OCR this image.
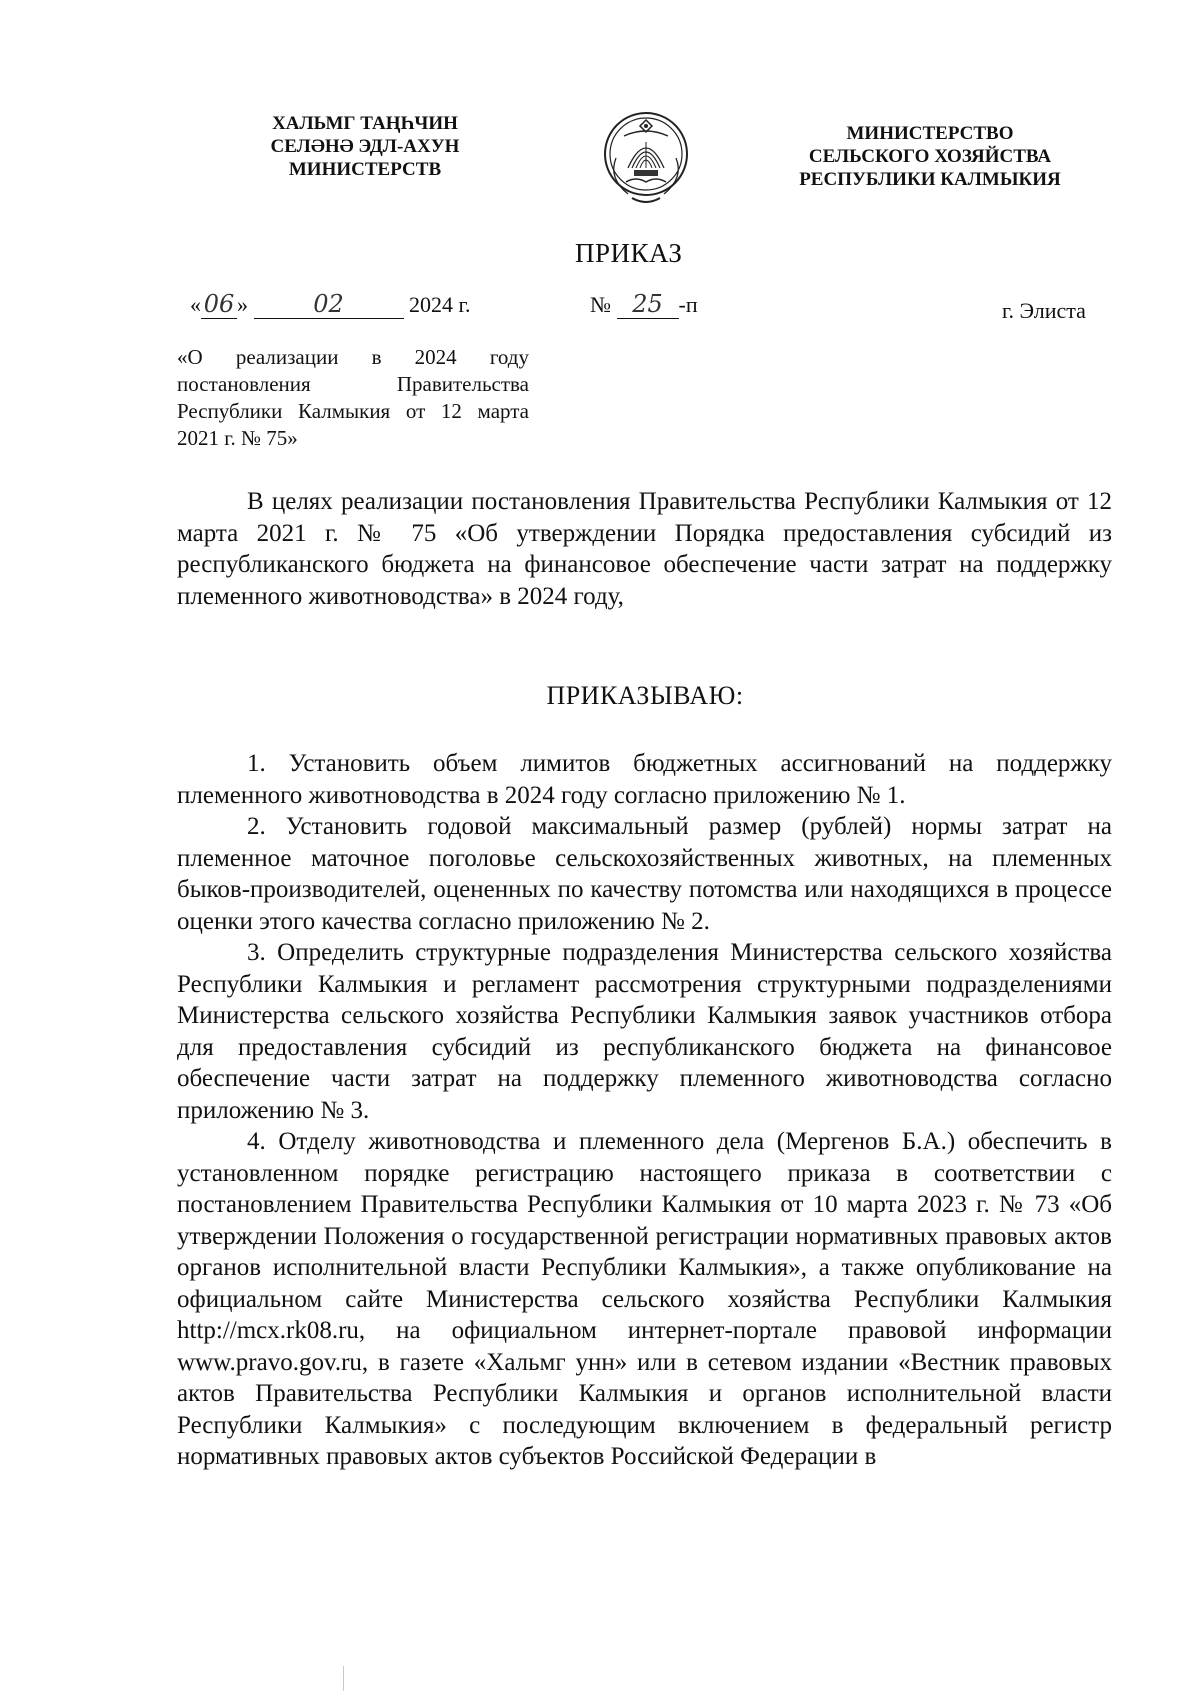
ХАЛЬМГ ТАҢҺЧИН
СЕЛӘНӘ ЭДЛ-АХУН
МИНИСТЕРСТВ
МИНИСТЕРСТВО
СЕЛЬСКОГО ХОЗЯЙСТВА
РЕСПУБЛИКИ КАЛМЫКИЯ
ПРИКАЗ
« 06 »	02	2024 г.	№ 25 -п	г. Элиста
«О реализации в 2024 году постановления Правительства Республики Калмыкия от 12 марта 2021 г. № 75»

В целях реализации постановления Правительства Республики Калмыкия от 12 марта 2021 г. № 75 «Об утверждении Порядка предоставления субсидий из республиканского бюджета на финансовое обеспечение части затрат на поддержку племенного животноводства» в 2024 году,

ПРИКАЗЫВАЮ:

1. Установить объем лимитов бюджетных ассигнований на поддержку племенного животноводства в 2024 году согласно приложению № 1.

2. Установить годовой максимальный размер (рублей) нормы затрат на племенное маточное поголовье сельскохозяйственных животных, на племенных быков-производителей, оцененных по качеству потомства или находящихся в процессе оценки этого качества согласно приложению № 2.

3. Определить структурные подразделения Министерства сельского хозяйства Республики Калмыкия и регламент рассмотрения структурными подразделениями Министерства сельского хозяйства Республики Калмыкия заявок участников отбора для предоставления субсидий из республиканского бюджета на финансовое обеспечение части затрат на поддержку племенного животноводства согласно приложению № 3.

4. Отделу животноводства и племенного дела (Мергенов Б.А.) обеспечить в установленном порядке регистрацию настоящего приказа в соответствии с постановлением Правительства Республики Калмыкия от 10 марта 2023 г. № 73 «Об утверждении Положения о государственной регистрации нормативных правовых актов органов исполнительной власти Республики Калмыкия», а также опубликование на официальном сайте Министерства сельского хозяйства Республики Калмыкия http://mcx.rk08.ru, на официальном интернет-портале правовой информации www.pravo.gov.ru, в газете «Хальмг унн» или в сетевом издании «Вестник правовых актов Правительства Республики Калмыкия и органов исполнительной власти Республики Калмыкия» с последующим включением в федеральный регистр нормативных правовых актов субъектов Российской Федерации в
